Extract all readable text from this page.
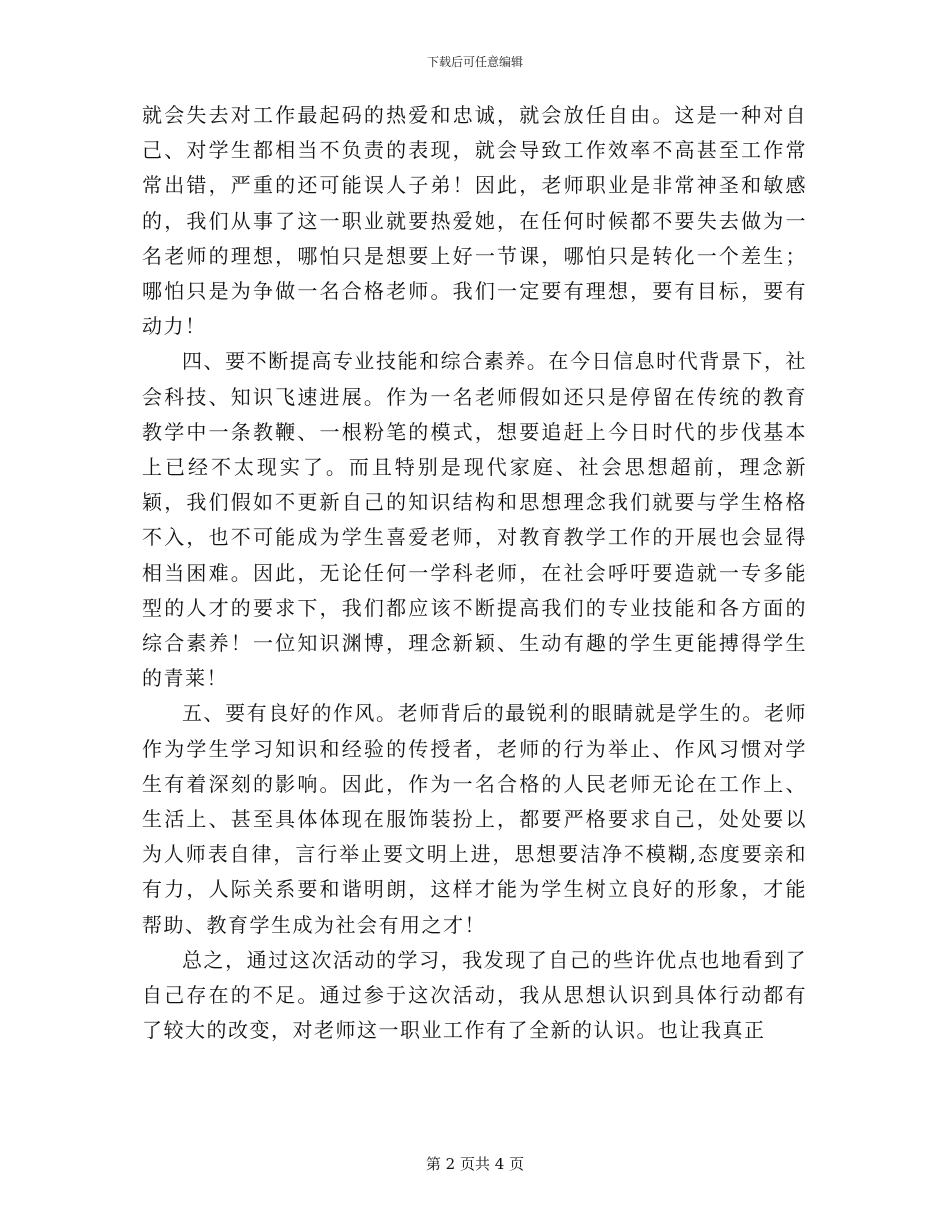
下载后可任意编辑

就会失去对工作最起码的热爱和忠诚，就会放任自由。这是一种对自己、对学生都相当不负责的表现，就会导致工作效率不高甚至工作常常出错，严重的还可能误人子弟！因此，老师职业是非常神圣和敏感的，我们从事了这一职业就要热爱她，在任何时候都不要失去做为一名老师的理想，哪怕只是想要上好一节课，哪怕只是转化一个差生；哪怕只是为争做一名合格老师。我们一定要有理想，要有目标，要有动力！

四、要不断提高专业技能和综合素养。在今日信息时代背景下，社会科技、知识飞速进展。作为一名老师假如还只是停留在传统的教育教学中一条教鞭、一根粉笔的模式，想要追赶上今日时代的步伐基本上已经不太现实了。而且特别是现代家庭、社会思想超前，理念新颖，我们假如不更新自己的知识结构和思想理念我们就要与学生格格不入，也不可能成为学生喜爱老师，对教育教学工作的开展也会显得相当困难。因此，无论任何一学科老师，在社会呼吁要造就一专多能型的人才的要求下，我们都应该不断提高我们的专业技能和各方面的综合素养！一位知识渊博，理念新颖、生动有趣的学生更能搏得学生的青莱！

五、要有良好的作风。老师背后的最锐利的眼睛就是学生的。老师作为学生学习知识和经验的传授者，老师的行为举止、作风习惯对学生有着深刻的影响。因此，作为一名合格的人民老师无论在工作上、生活上、甚至具体体现在服饰装扮上，都要严格要求自己，处处要以为人师表自律，言行举止要文明上进，思想要洁净不模糊,态度要亲和有力，人际关系要和谐明朗，这样才能为学生树立良好的形象，才能帮助、教育学生成为社会有用之才！

总之，通过这次活动的学习，我发现了自己的些许优点也地看到了自己存在的不足。通过参于这次活动，我从思想认识到具体行动都有了较大的改变，对老师这一职业工作有了全新的认识。也让我真正

第 2 页共 4 页
